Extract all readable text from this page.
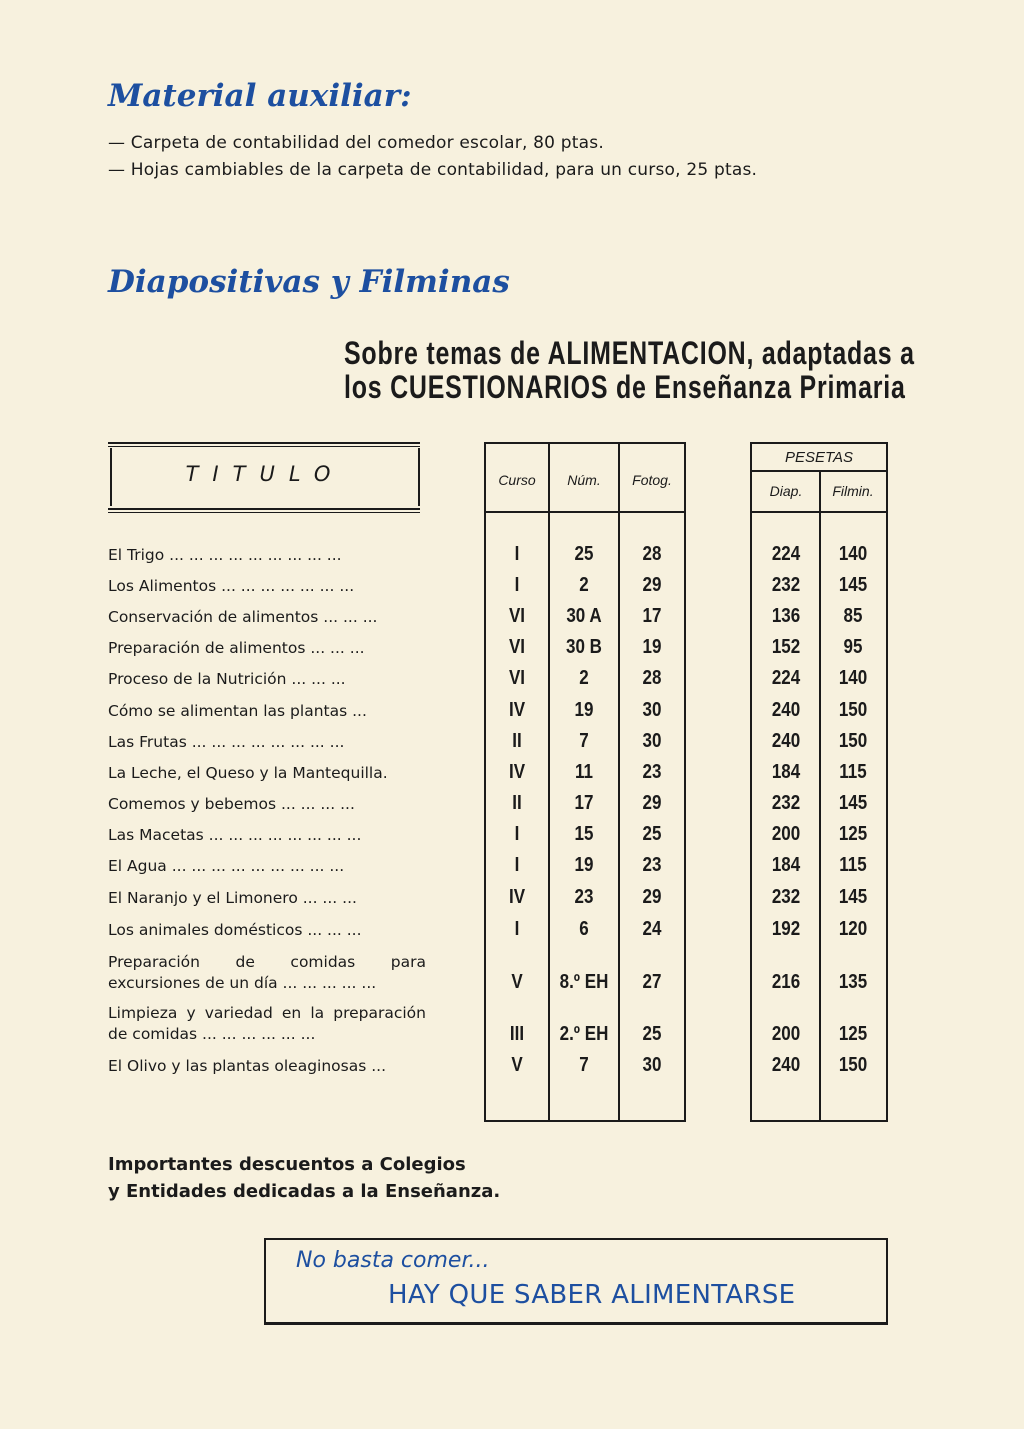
Material auxiliar:
— Carpeta de contabilidad del comedor escolar, 80 ptas.
— Hojas cambiables de la carpeta de contabilidad, para un curso, 25 ptas.
Diapositivas y Filminas
Sobre temas de ALIMENTACION, adaptadas a
los CUESTIONARIOS de Enseñanza Primaria
TITULO	Curso	Núm.	Fotog.
PESETAS
Diap.	Filmin.
El Trigo ... ... ... ... ... ... ... ... ...	I	25	28	224	140
Los Alimentos ... ... ... ... ... ... ...	I	2	29	232	145
Conservación de alimentos ... ... ...	VI	30 A	17	136	85
Preparación de alimentos ... ... ...	VI	30 B	19	152	95
Proceso de la Nutrición ... ... ...	VI	2	28	224	140
Cómo se alimentan las plantas ...	IV	19	30	240	150
Las Frutas ... ... ... ... ... ... ... ...	II	7	30	240	150
La Leche, el Queso y la Mantequilla.	IV	11	23	184	115
Comemos y bebemos ... ... ... ...	II	17	29	232	145
Las Macetas ... ... ... ... ... ... ... ...	I	15	25	200	125
El Agua ... ... ... ... ... ... ... ... ...	I	19	23	184	115
El Naranjo y el Limonero ... ... ...	IV	23	29	232	145
Los animales domésticos ... ... ...	I	6	24	192	120
Preparación de comidas para excursiones de un día ... ... ... ... ...	V	8.º EH	27	216	135
Limpieza y variedad en la preparación de comidas ... ... ... ... ... ...	III	2.º EH	25	200	125
El Olivo y las plantas oleaginosas ...	V	7	30	240	150
Importantes descuentos a Colegios
y Entidades dedicadas a la Enseñanza.
No basta comer...
HAY QUE SABER ALIMENTARSE
